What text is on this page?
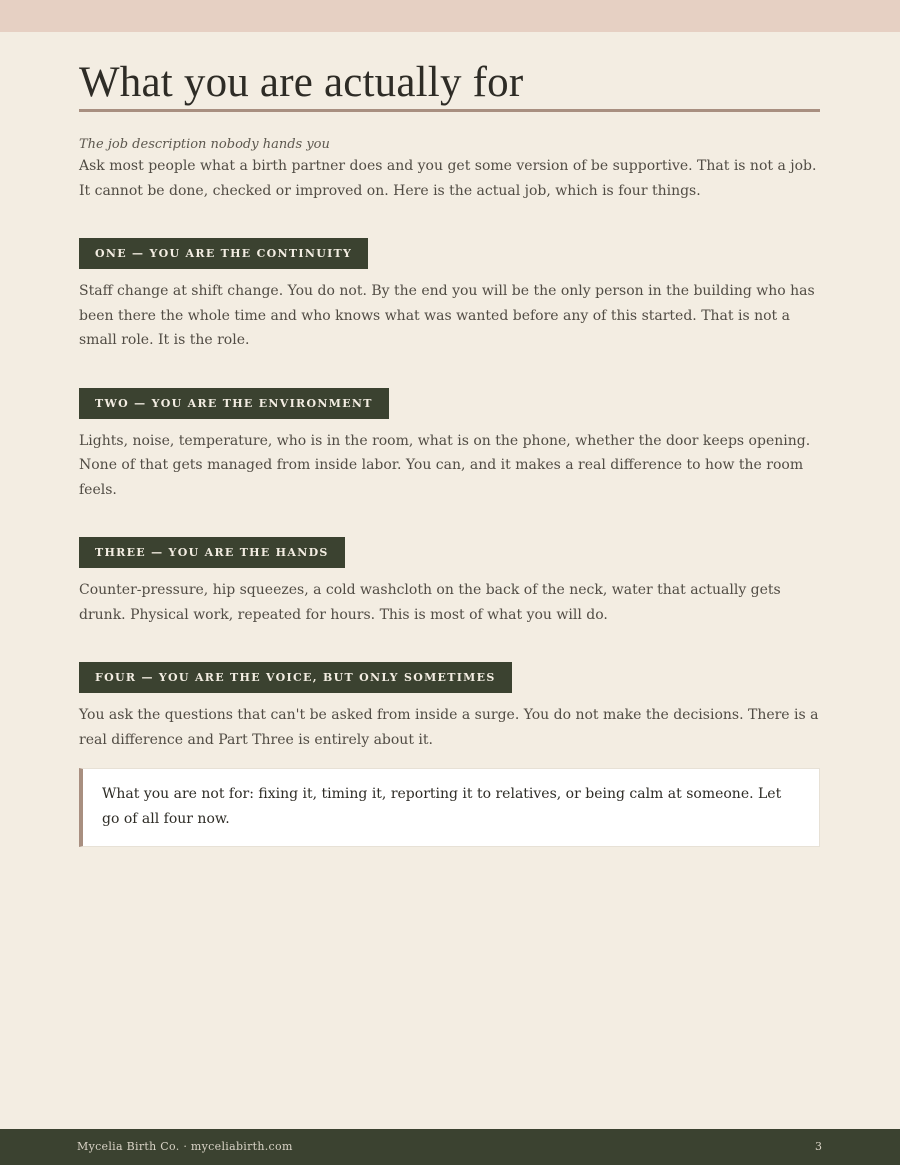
What you are actually for

The job description nobody hands you

Ask most people what a birth partner does and you get some version of be supportive. That is not a job. It cannot be done, checked or improved on. Here is the actual job, which is four things.

ONE — YOU ARE THE CONTINUITY

Staff change at shift change. You do not. By the end you will be the only person in the building who has been there the whole time and who knows what was wanted before any of this started. That is not a small role. It is the role.

TWO — YOU ARE THE ENVIRONMENT

Lights, noise, temperature, who is in the room, what is on the phone, whether the door keeps opening. None of that gets managed from inside labor. You can, and it makes a real difference to how the room feels.

THREE — YOU ARE THE HANDS

Counter-pressure, hip squeezes, a cold washcloth on the back of the neck, water that actually gets drunk. Physical work, repeated for hours. This is most of what you will do.

FOUR — YOU ARE THE VOICE, BUT ONLY SOMETIMES

You ask the questions that can't be asked from inside a surge. You do not make the decisions. There is a real difference and Part Three is entirely about it.

What you are not for: fixing it, timing it, reporting it to relatives, or being calm at someone. Let go of all four now.
Mycelia Birth Co. · myceliabirth.com	3
